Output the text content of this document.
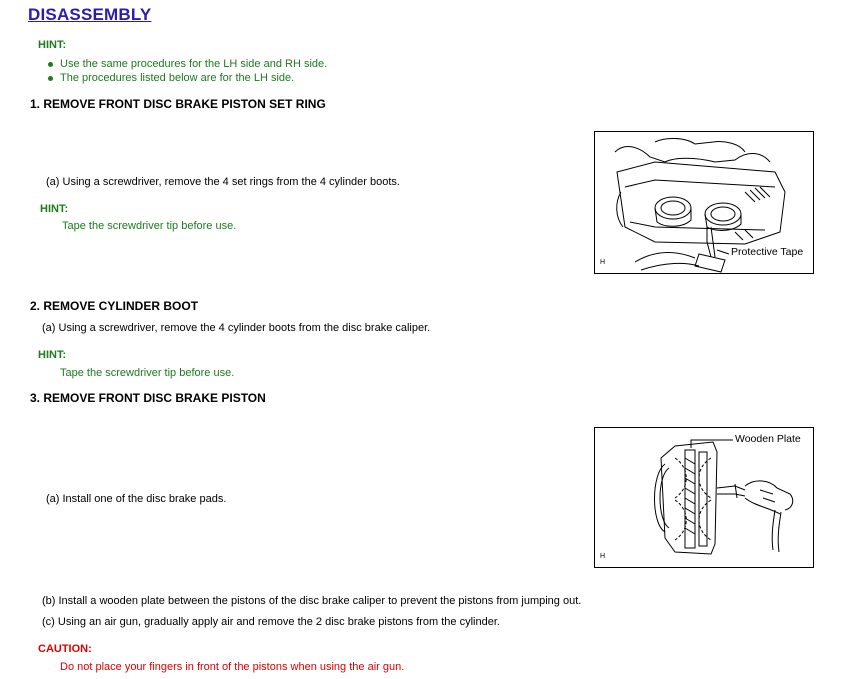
DISASSEMBLY
HINT:
Use the same procedures for the LH side and RH side.
The procedures listed below are for the LH side.
1. REMOVE FRONT DISC BRAKE PISTON SET RING
(a) Using a screwdriver, remove the 4 set rings from the 4 cylinder boots.
HINT:
Tape the screwdriver tip before use.
Protective Tape
H
2. REMOVE CYLINDER BOOT
(a) Using a screwdriver, remove the 4 cylinder boots from the disc brake caliper.
HINT:
Tape the screwdriver tip before use.
3. REMOVE FRONT DISC BRAKE PISTON
(a) Install one of the disc brake pads.
Wooden Plate
H
(b) Install a wooden plate between the pistons of the disc brake caliper to prevent the pistons from jumping out.
(c) Using an air gun, gradually apply air and remove the 2 disc brake pistons from the cylinder.
CAUTION:
Do not place your fingers in front of the pistons when using the air gun.
